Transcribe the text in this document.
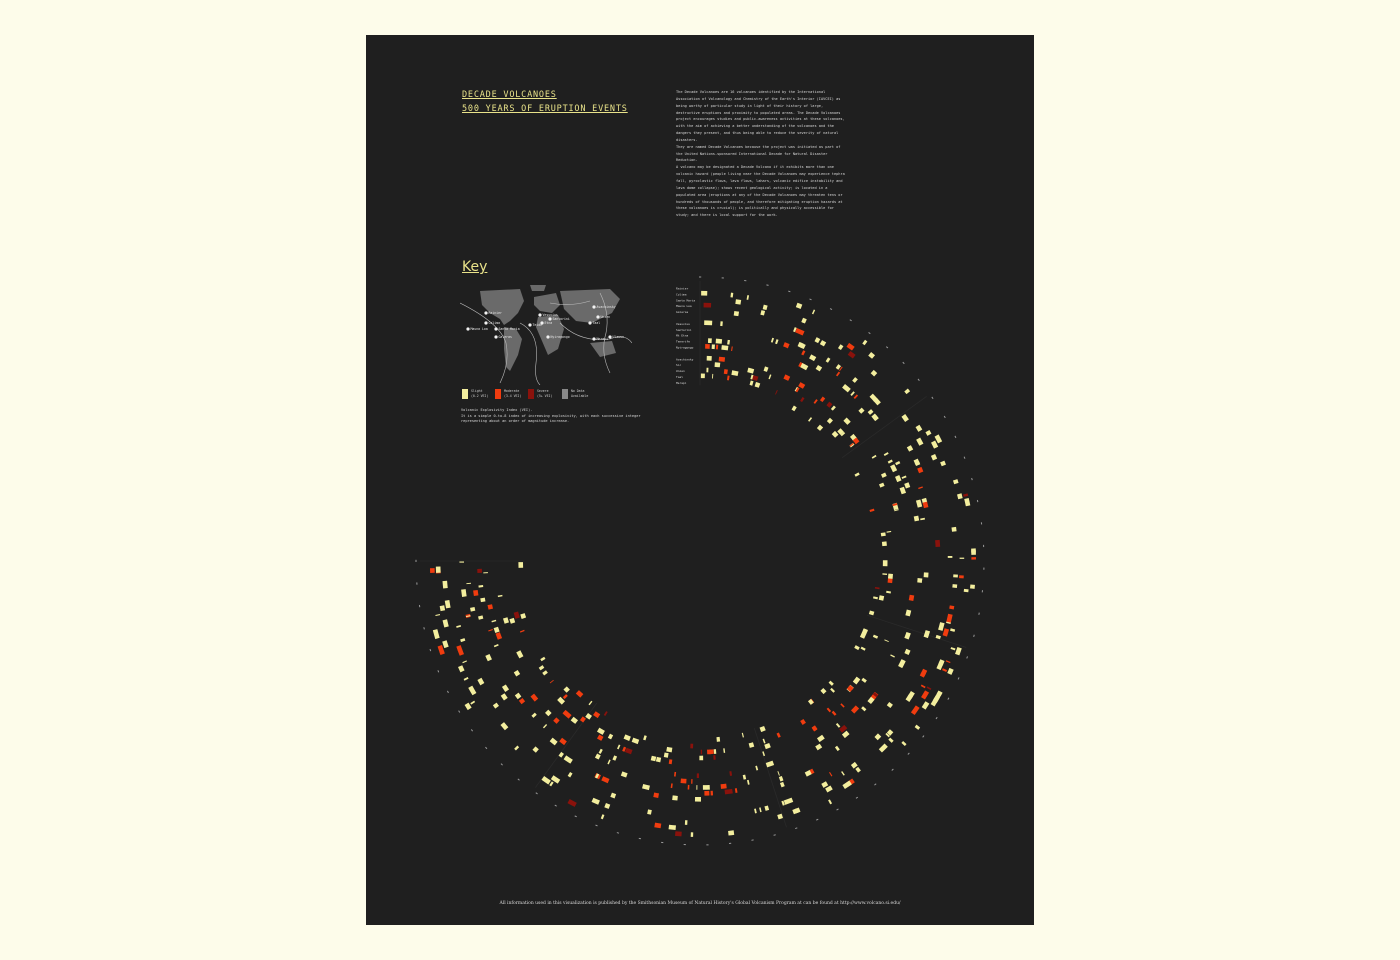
DECADE VOLCANOES
500 YEARS OF ERUPTION EVENTS
The Decade Volcanoes are 16 volcanoes identified by the International Association of Volcanology and Chemistry of the Earth's Interior (IAVCEI) as being worthy of particular study in light of their history of large, destructive eruptions and proximity to populated areas. The Decade Volcanoes project encourages studies and public-awareness activities at these volcanoes, with the aim of achieving a better understanding of the volcanoes and the dangers they present, and thus being able to reduce the severity of natural disasters.
They are named Decade Volcanoes because the project was initiated as part of the United Nations-sponsored International Decade for Natural Disaster Reduction.
A volcano may be designated a Decade Volcano if it exhibits more than one volcanic hazard (people living near the Decade Volcanoes may experience tephra fall, pyroclastic flows, lava flows, lahars, volcanic edifice instability and lava dome collapse); shows recent geological activity; is located in a populated area (eruptions at any of the Decade Volcanoes may threaten tens or hundreds of thousands of people, and therefore mitigating eruption hazards at these volcanoes is crucial); is politically and physically accessible for study; and there is local support for the work.
Key
Rainier
Mauna Loa
Colima
Santa Maria
Galeras
Vesuvius
Etna
Santorini
Teide
Nyiragongo
Avachinsky
Unzen
Taal
Merapi Ulawun
Slight
(0-2 VEI)
Moderate
(3-4 VEI)
Severe
(5+ VEI)
No Data
Available
Volcanic Explosivity Index (VEI).
It is a simple 0-to-8 index of increasing explosivity, with each successive integer representing about an order of magnitude increase.
Rainier
Colima
Santa Maria
Mauna Loa
Galeras
Vesuvius
Santorini
Mt Etna
Tenerife
Nyiragongo
Avachinsky
Sic
Unzen
Taal
Merapi
All information used in this visualization is published by the Smithsonian Museum of Natural History's Global Volcanism Program at can be found at http://www.volcano.si.edu/
